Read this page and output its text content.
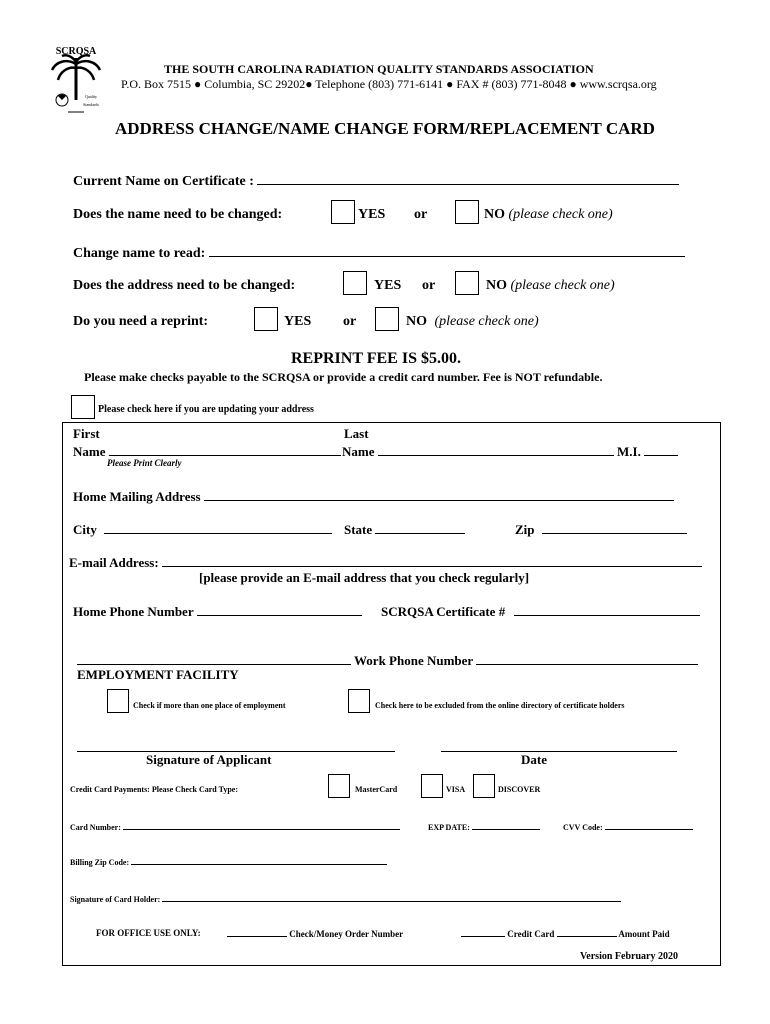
SCRQSA
Quality
Standards
THE SOUTH CAROLINA RADIATION QUALITY STANDARDS ASSOCIATION
P.O. Box 7515 ● Columbia, SC 29202● Telephone (803) 771-6141 ● FAX # (803) 771-8048 ● www.scrqsa.org
ADDRESS CHANGE/NAME CHANGE FORM/REPLACEMENT CARD
Current Name on Certificate :
Does the name need to be changed:	YES or	NO (please check one)
Change name to read:
Does the address need to be changed:	YES or	NO (please check one)
Do you need a reprint:	YES or	NO (please check one)
REPRINT FEE IS $5.00.
Please make checks payable to the SCRQSA or provide a credit card number. Fee is NOT refundable.
Please check here if you are updating your address
First
Name
Last
Name	M.I.
Please Print Clearly
Home Mailing Address
City	State	Zip
E-mail Address:
[please provide an E-mail address that you check regularly]
Home Phone Number	SCRQSA Certificate #
Work Phone Number
EMPLOYMENT FACILITY
Check if more than one place of employment	Check here to be excluded from the online directory of certificate holders
Signature of Applicant	Date
Credit Card Payments: Please Check Card Type:	MasterCard	VISA	DISCOVER
Card Number:	EXP DATE:	CVV Code:
Billing Zip Code:
Signature of Card Holder:
FOR OFFICE USE ONLY:	Check/Money Order Number	Credit Card	Amount Paid
Version February 2020
